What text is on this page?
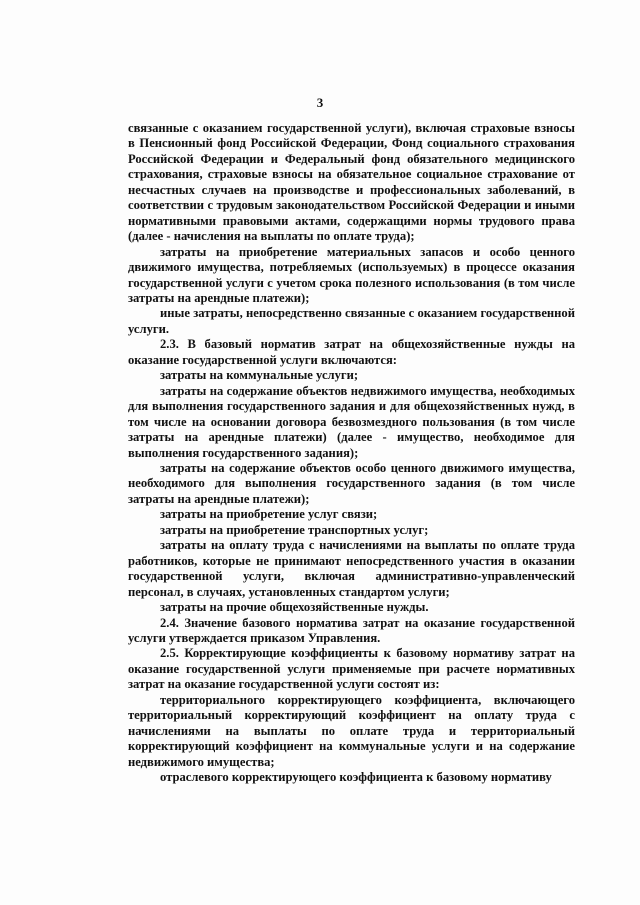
3

связанные с оказанием государственной услуги), включая страховые взносы в Пенсионный фонд Российской Федерации, Фонд социального страхования Российской Федерации и Федеральный фонд обязательного медицинского страхования, страховые взносы на обязательное социальное страхование от несчастных случаев на производстве и профессиональных заболеваний, в соответствии с трудовым законодательством Российской Федерации и иными нормативными правовыми актами, содержащими нормы трудового права (далее - начисления на выплаты по оплате труда);

затраты на приобретение материальных запасов и особо ценного движимого имущества, потребляемых (используемых) в процессе оказания государственной услуги с учетом срока полезного использования (в том числе затраты на арендные платежи);

иные затраты, непосредственно связанные с оказанием государственной услуги.

2.3. В базовый норматив затрат на общехозяйственные нужды на оказание государственной услуги включаются:

затраты на коммунальные услуги;

затраты на содержание объектов недвижимого имущества, необходимых для выполнения государственного задания и для общехозяйственных нужд, в том числе на основании договора безвозмездного пользования (в том числе затраты на арендные платежи) (далее - имущество, необходимое для выполнения государственного задания);

затраты на содержание объектов особо ценного движимого имущества, необходимого для выполнения государственного задания (в том числе затраты на арендные платежи);

затраты на приобретение услуг связи;

затраты на приобретение транспортных услуг;

затраты на оплату труда с начислениями на выплаты по оплате труда работников, которые не принимают непосредственного участия в оказании государственной услуги, включая административно-управленческий персонал, в случаях, установленных стандартом услуги;

затраты на прочие общехозяйственные нужды.

2.4. Значение базового норматива затрат на оказание государственной услуги утверждается приказом Управления.

2.5. Корректирующие коэффициенты к базовому нормативу затрат на оказание государственной услуги применяемые при расчете нормативных затрат на оказание государственной услуги состоят из:

территориального корректирующего коэффициента, включающего территориальный корректирующий коэффициент на оплату труда с начислениями на выплаты по оплате труда и территориальный корректирующий коэффициент на коммунальные услуги и на содержание недвижимого имущества;

отраслевого корректирующего коэффициента к базовому нормативу
